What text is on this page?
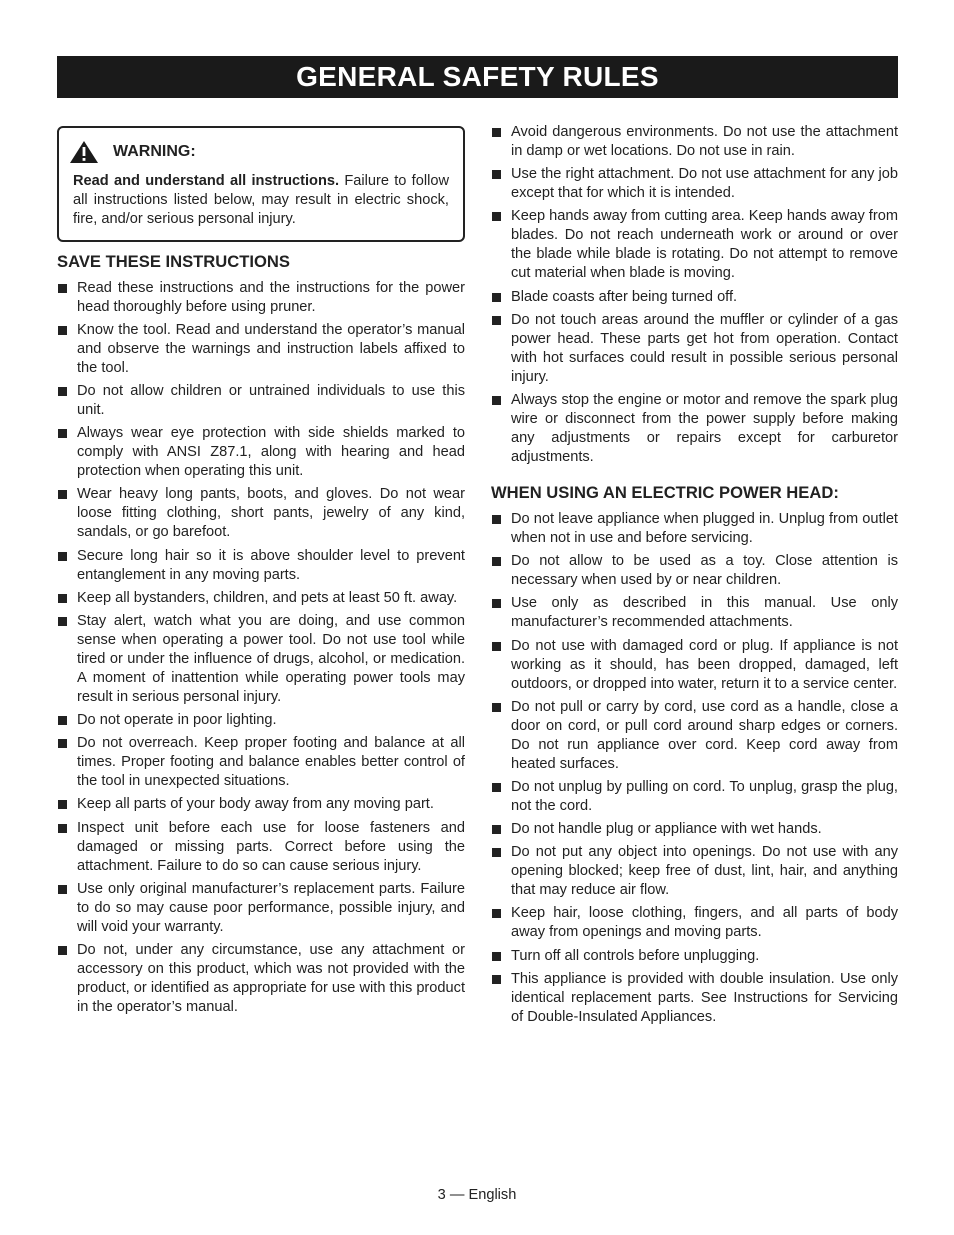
GENERAL SAFETY RULES
WARNING:

Read and understand all instructions. Failure to follow all instructions listed below, may result in electric shock, fire, and/or serious personal injury.

SAVE THESE INSTRUCTIONS
Read these instructions and the instructions for the power head thoroughly before using pruner.
Know the tool. Read and understand the operator’s manual and observe the warnings and instruction labels affixed to the tool.
Do not allow children or untrained individuals to use this unit.
Always wear eye protection with side shields marked to comply with ANSI Z87.1, along with hearing and head protection when operating this unit.
Wear heavy long pants, boots, and gloves. Do not wear loose fitting clothing, short pants, jewelry of any kind, sandals, or go barefoot.
Secure long hair so it is above shoulder level to prevent entanglement in any moving parts.
Keep all bystanders, children, and pets at least 50 ft. away.
Stay alert, watch what you are doing, and use common sense when operating a power tool. Do not use tool while tired or under the influence of drugs, alcohol, or medication. A moment of inattention while operating power tools may result in serious personal injury.
Do not operate in poor lighting.
Do not overreach. Keep proper footing and balance at all times. Proper footing and balance enables better control of the tool in unexpected situations.
Keep all parts of your body away from any moving part.
Inspect unit before each use for loose fasteners and damaged or missing parts. Correct before using the attachment. Failure to do so can cause serious injury.
Use only original manufacturer’s replacement parts. Failure to do so may cause poor performance, possible injury, and will void your warranty.
Do not, under any circumstance, use any attachment or accessory on this product, which was not provided with the product, or identified as appropriate for use with this product in the operator’s manual.
Avoid dangerous environments. Do not use the attachment in damp or wet locations. Do not use in rain.
Use the right attachment. Do not use attachment for any job except that for which it is intended.
Keep hands away from cutting area. Keep hands away from blades. Do not reach underneath work or around or over the blade while blade is rotating. Do not attempt to remove cut material when blade is moving.
Blade coasts after being turned off.
Do not touch areas around the muffler or cylinder of a gas power head. These parts get hot from operation. Contact with hot surfaces could result in possible serious personal injury.
Always stop the engine or motor and remove the spark plug wire or disconnect from the power supply before making any adjustments or repairs except for carburetor adjustments.
WHEN USING AN ELECTRIC POWER HEAD:
Do not leave appliance when plugged in. Unplug from outlet when not in use and before servicing.
Do not allow to be used as a toy. Close attention is necessary when used by or near children.
Use only as described in this manual. Use only manufacturer’s recommended attachments.
Do not use with damaged cord or plug. If appliance is not working as it should, has been dropped, damaged, left outdoors, or dropped into water, return it to a service center.
Do not pull or carry by cord, use cord as a handle, close a door on cord, or pull cord around sharp edges or corners. Do not run appliance over cord. Keep cord away from heated surfaces.
Do not unplug by pulling on cord. To unplug, grasp the plug, not the cord.
Do not handle plug or appliance with wet hands.
Do not put any object into openings. Do not use with any opening blocked; keep free of dust, lint, hair, and anything that may reduce air flow.
Keep hair, loose clothing, fingers, and all parts of body away from openings and moving parts.
Turn off all controls before unplugging.
This appliance is provided with double insulation. Use only identical replacement parts. See Instructions for Servicing of Double-Insulated Appliances.
3 — English
